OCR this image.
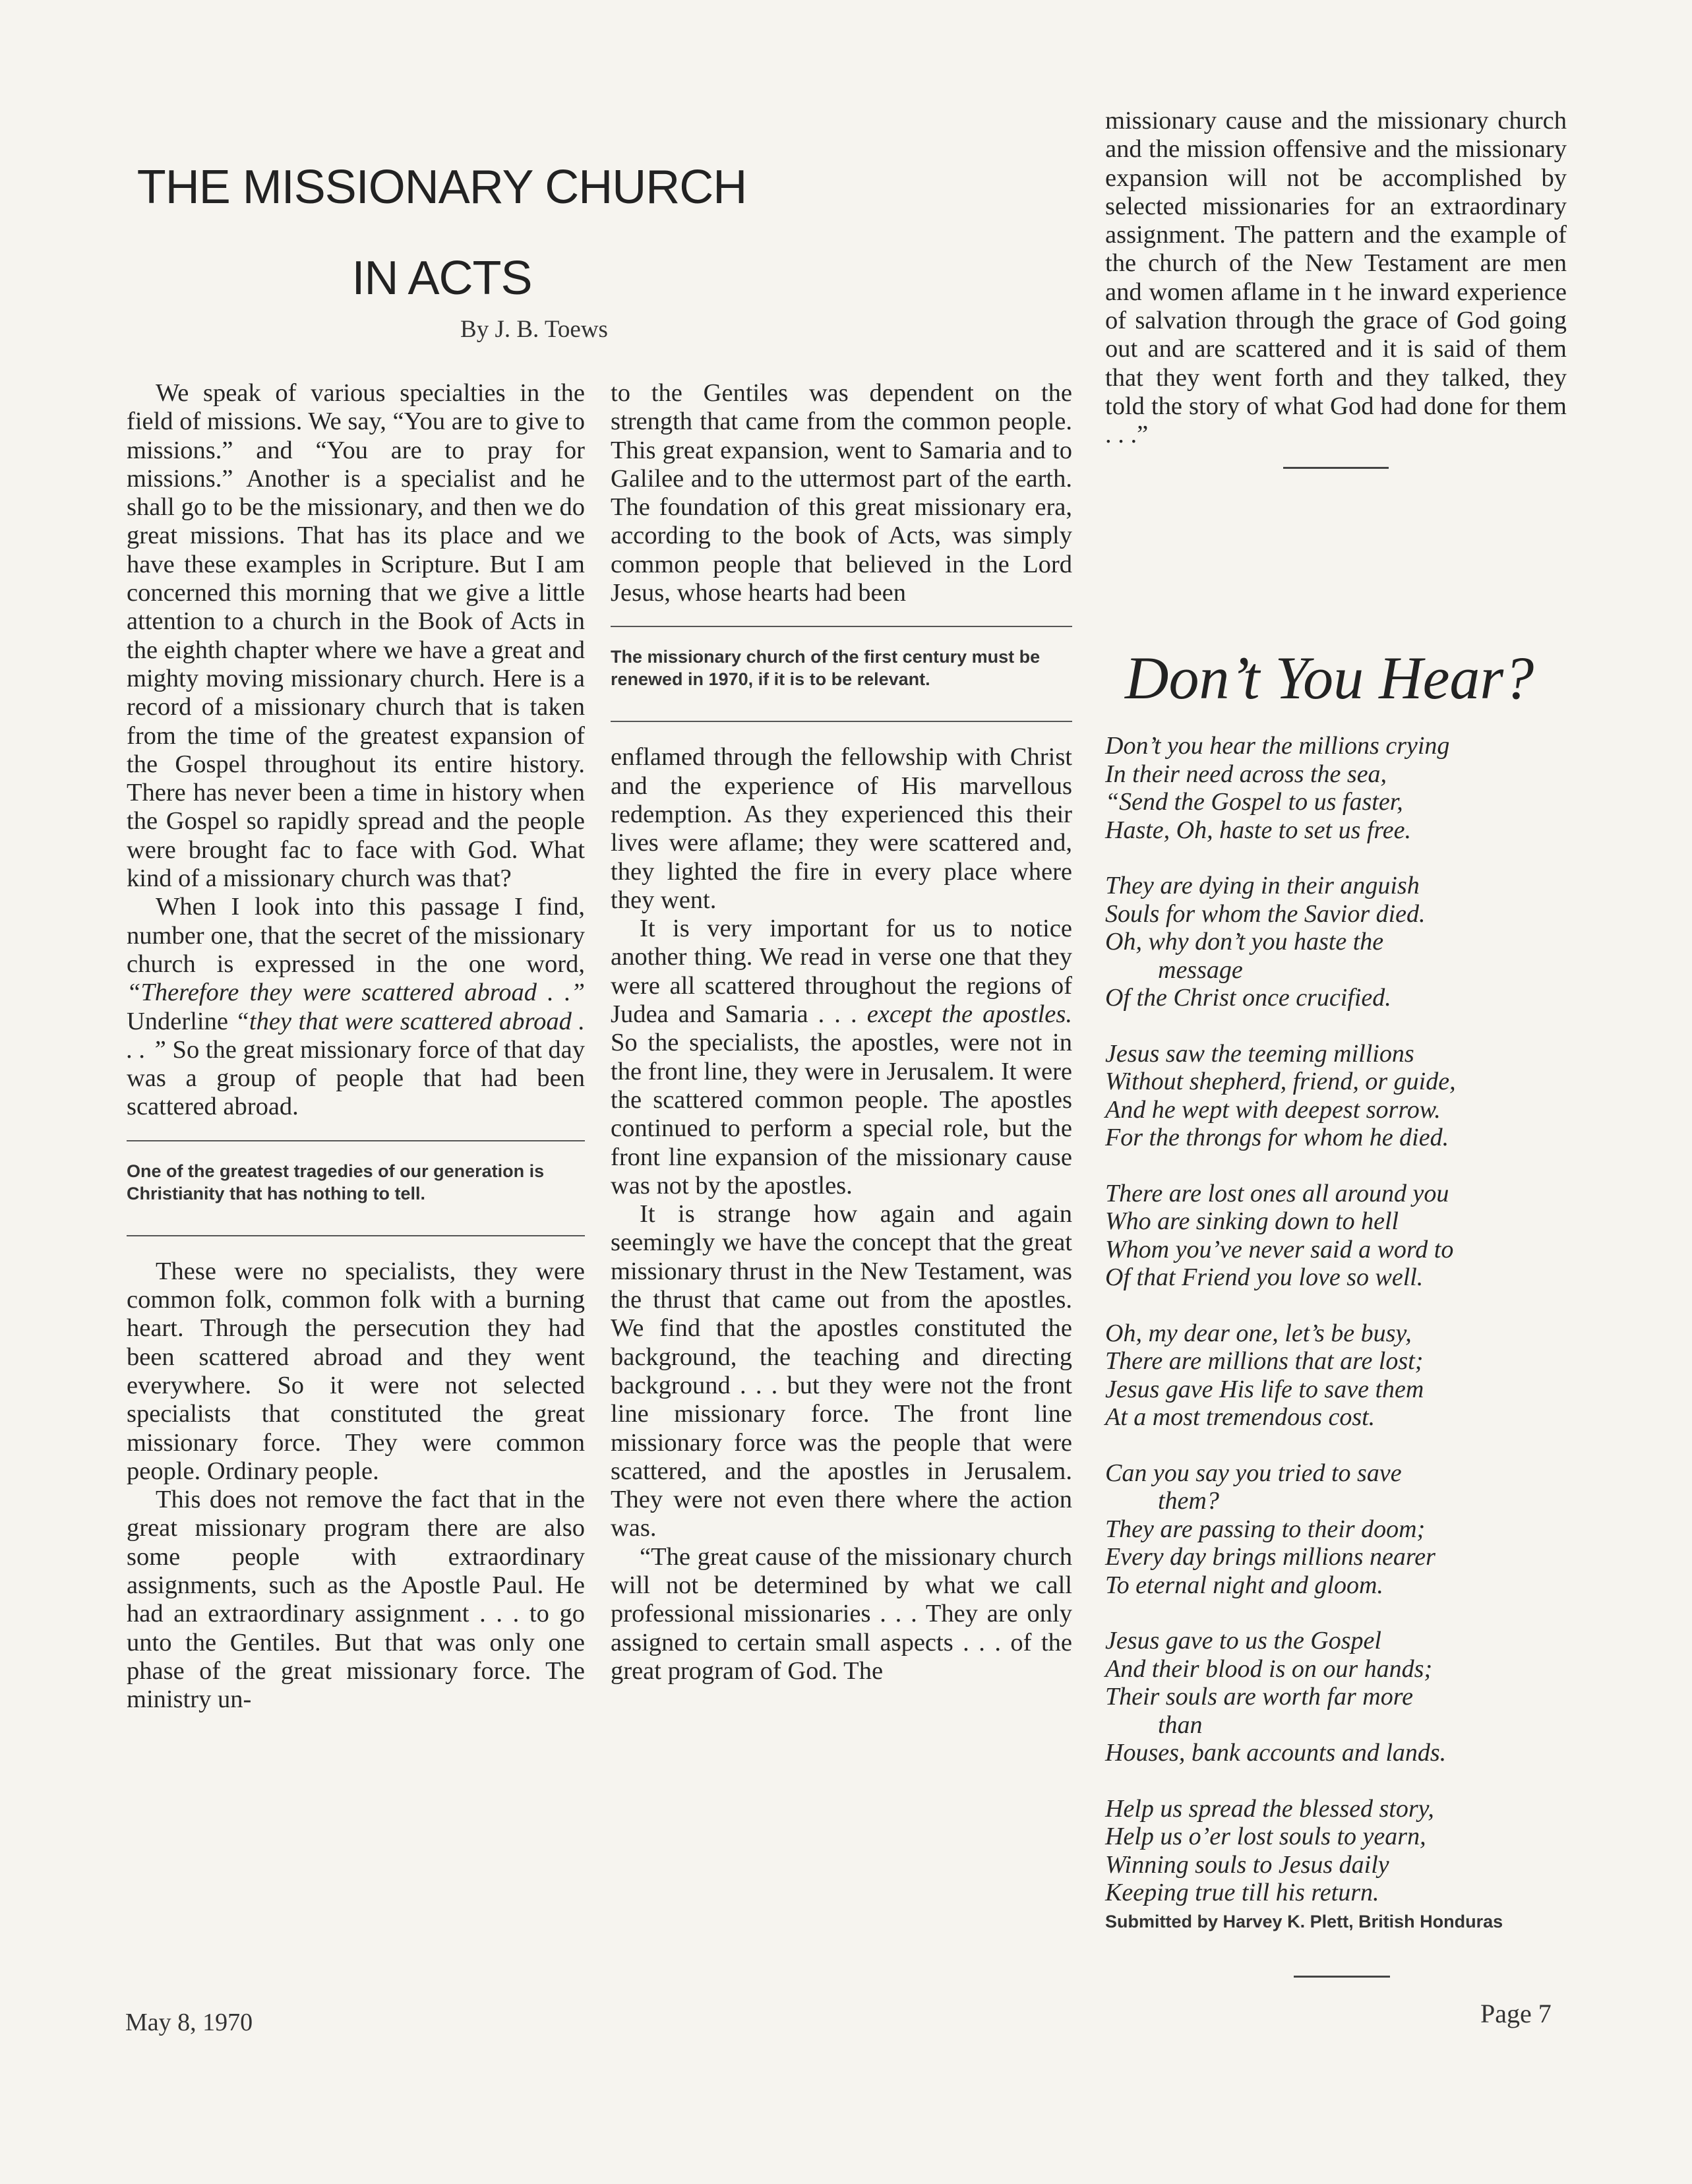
THE MISSIONARY CHURCH
IN ACTS
By J. B. Toews

We speak of various specialties in the field of missions. We say, “You are to give to missions.” and “You are to pray for missions.” Another is a specialist and he shall go to be the missionary, and then we do great missions. That has its place and we have these examples in Scripture. But I am concerned this morning that we give a little attention to a church in the Book of Acts in the eighth chapter where we have a great and mighty moving missionary church. Here is a record of a missionary church that is taken from the time of the greatest expansion of the Gospel throughout its entire history. There has never been a time in history when the Gospel so rapidly spread and the people were brought fac to face with God. What kind of a missionary church was that?

When I look into this passage I find, number one, that the secret of the missionary church is expressed in the one word, “Therefore they were scattered abroad . .” Underline “they that were scattered abroad . . . ” So the great missionary force of that day was a group of people that had been scattered abroad.

One of the greatest tragedies of our generation is Christianity that has nothing to tell.

These were no specialists, they were common folk, common folk with a burning heart. Through the persecution they had been scattered abroad and they went everywhere. So it were not selected specialists that constituted the great missionary force. They were common people. Ordinary people.

This does not remove the fact that in the great missionary program there are also some people with extraordinary assignments, such as the Apostle Paul. He had an extraordinary assignment . . . to go unto the Gentiles. But that was only one phase of the great missionary force. The ministry un-

to the Gentiles was dependent on the strength that came from the common people. This great expansion, went to Samaria and to Galilee and to the uttermost part of the earth. The foundation of this great missionary era, according to the book of Acts, was simply common people that believed in the Lord Jesus, whose hearts had been

The missionary church of the first century must be renewed in 1970, if it is to be relevant.

enflamed through the fellowship with Christ and the experience of His marvellous redemption. As they experienced this their lives were aflame; they were scattered and, they lighted the fire in every place where they went.

It is very important for us to notice another thing. We read in verse one that they were all scattered throughout the regions of Judea and Samaria . . . except the apostles. So the specialists, the apostles, were not in the front line, they were in Jerusalem. It were the scattered common people. The apostles continued to perform a special role, but the front line expansion of the missionary cause was not by the apostles.

It is strange how again and again seemingly we have the concept that the great missionary thrust in the New Testament, was the thrust that came out from the apostles. We find that the apostles constituted the background, the teaching and directing background . . . but they were not the front line missionary force. The front line missionary force was the people that were scattered, and the apostles in Jerusalem. They were not even there where the action was.

“The great cause of the missionary church will not be determined by what we call professional missionaries . . . They are only assigned to certain small aspects . . . of the great program of God. The

missionary cause and the missionary church and the mission offensive and the missionary expansion will not be accomplished by selected missionaries for an extraordinary assignment. The pattern and the example of the church of the New Testament are men and women aflame in t he inward experience of salvation through the grace of God going out and are scattered and it is said of them that they went forth and they talked, they told the story of what God had done for them . . .”

Don’t You Hear?
Don’t you hear the millions crying
In their need across the sea,
“Send the Gospel to us faster,
Haste, Oh, haste to set us free.
They are dying in their anguish
Souls for whom the Savior died.
Oh, why don’t you haste the
message
Of the Christ once crucified.
Jesus saw the teeming millions
Without shepherd, friend, or guide,
And he wept with deepest sorrow.
For the throngs for whom he died.
There are lost ones all around you
Who are sinking down to hell
Whom you’ve never said a word to
Of that Friend you love so well.
Oh, my dear one, let’s be busy,
There are millions that are lost;
Jesus gave His life to save them
At a most tremendous cost.
Can you say you tried to save
them?
They are passing to their doom;
Every day brings millions nearer
To eternal night and gloom.
Jesus gave to us the Gospel
And their blood is on our hands;
Their souls are worth far more
than
Houses, bank accounts and lands.
Help us spread the blessed story,
Help us o’er lost souls to yearn,
Winning souls to Jesus daily
Keeping true till his return.
Submitted by Harvey K. Plett, British Honduras
May 8, 1970	Page 7
